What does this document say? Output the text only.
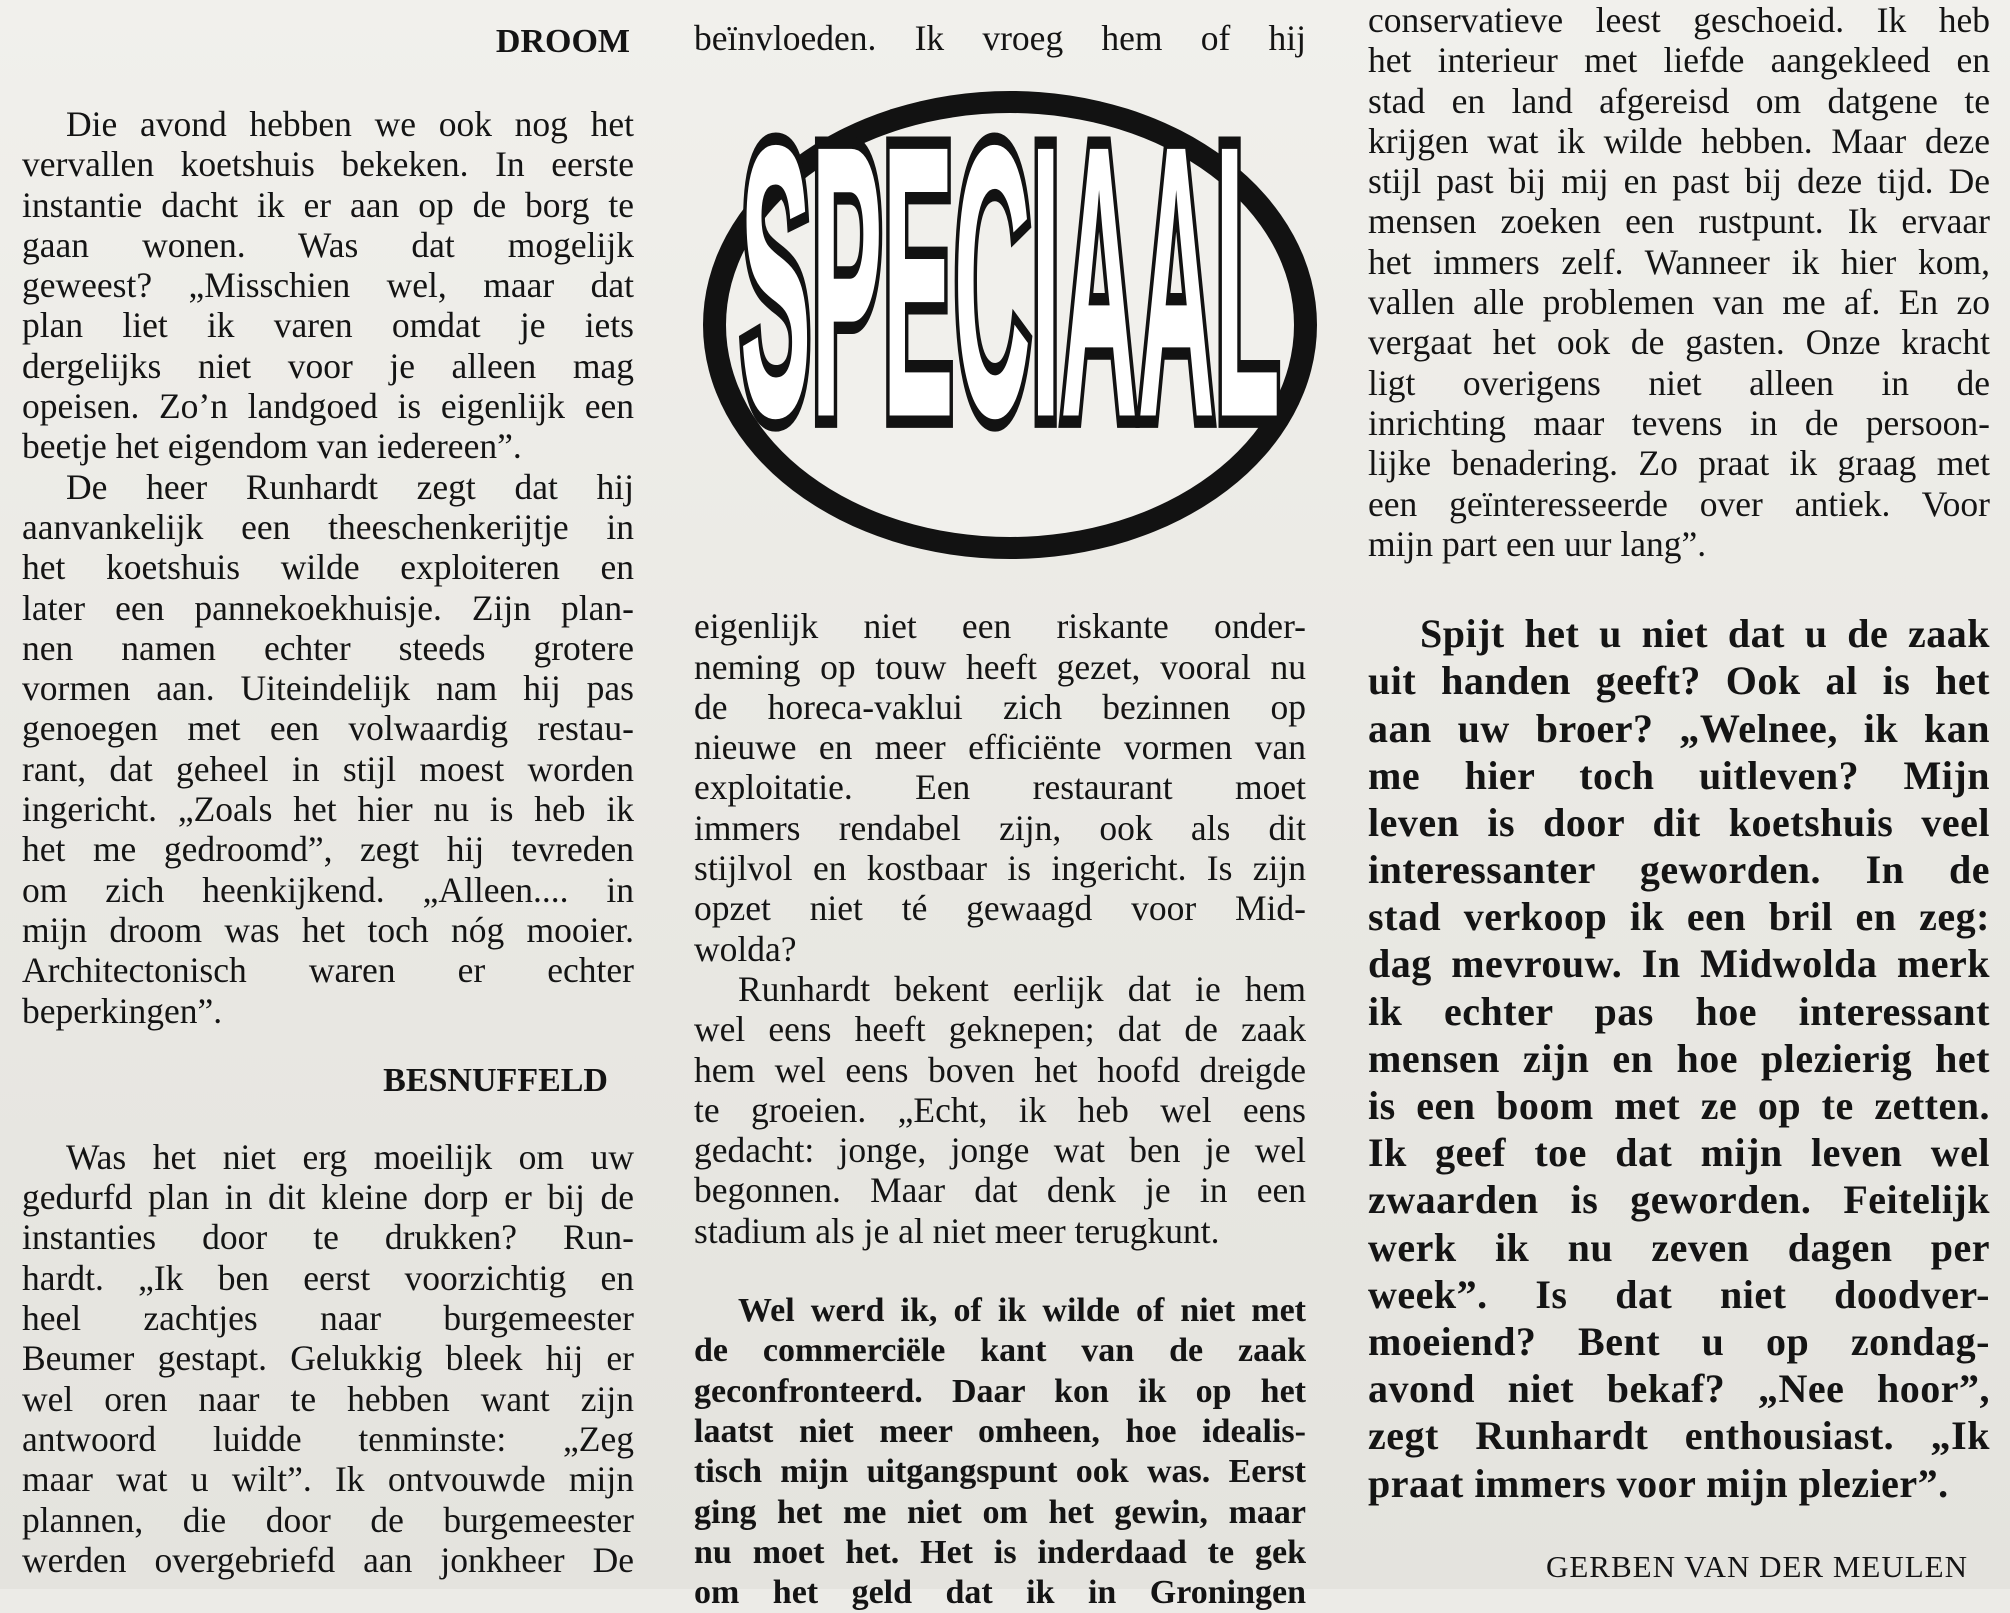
DROOM
Die avond hebben we ook nog het
vervallen koetshuis bekeken. In eerste
instantie dacht ik er aan op de borg te
gaan wonen. Was dat mogelijk
geweest? „Misschien wel, maar dat
plan liet ik varen omdat je iets
dergelijks niet voor je alleen mag
opeisen. Zo’n landgoed is eigenlijk een
beetje het eigendom van iedereen”.
De heer Runhardt zegt dat hij
aanvankelijk een theeschenkerijtje in
het koetshuis wilde exploiteren en
later een pannekoekhuisje. Zijn plan-
nen namen echter steeds grotere
vormen aan. Uiteindelijk nam hij pas
genoegen met een volwaardig restau-
rant, dat geheel in stijl moest worden
ingericht. „Zoals het hier nu is heb ik
het me gedroomd”, zegt hij tevreden
om zich heenkijkend. „Alleen.... in
mijn droom was het toch nóg mooier.
Architectonisch waren er echter
beperkingen”.
BESNUFFELD
Was het niet erg moeilijk om uw
gedurfd plan in dit kleine dorp er bij de
instanties door te drukken? Run-
hardt. „Ik ben eerst voorzichtig en
heel zachtjes naar burgemeester
Beumer gestapt. Gelukkig bleek hij er
wel oren naar te hebben want zijn
antwoord luidde tenminste: „Zeg
maar wat u wilt”. Ik ontvouwde mijn
plannen, die door de burgemeester
werden overgebriefd aan jonkheer De
beïnvloeden. Ik vroeg hem of hij
eigenlijk niet een riskante onder-
neming op touw heeft gezet, vooral nu
de horeca-vaklui zich bezinnen op
nieuwe en meer efficiënte vormen van
exploitatie. Een restaurant moet
immers rendabel zijn, ook als dit
stijlvol en kostbaar is ingericht. Is zijn
opzet niet té gewaagd voor Mid-
wolda?
Runhardt bekent eerlijk dat ie hem
wel eens heeft geknepen; dat de zaak
hem wel eens boven het hoofd dreigde
te groeien. „Echt, ik heb wel eens
gedacht: jonge, jonge wat ben je wel
begonnen. Maar dat denk je in een
stadium als je al niet meer terugkunt.
Wel werd ik, of ik wilde of niet met
de commerciële kant van de zaak
geconfronteerd. Daar kon ik op het
laatst niet meer omheen, hoe idealis-
tisch mijn uitgangspunt ook was. Eerst
ging het me niet om het gewin, maar
nu moet het. Het is inderdaad te gek
om het geld dat ik in Groningen
SPECIAAL
conservatieve leest geschoeid. Ik heb
het interieur met liefde aangekleed en
stad en land afgereisd om datgene te
krijgen wat ik wilde hebben. Maar deze
stijl past bij mij en past bij deze tijd. De
mensen zoeken een rustpunt. Ik ervaar
het immers zelf. Wanneer ik hier kom,
vallen alle problemen van me af. En zo
vergaat het ook de gasten. Onze kracht
ligt overigens niet alleen in de
inrichting maar tevens in de persoon-
lijke benadering. Zo praat ik graag met
een geïnteresseerde over antiek. Voor
mijn part een uur lang”.
Spijt het u niet dat u de zaak
uit handen geeft? Ook al is het
aan uw broer? „Welnee, ik kan
me hier toch uitleven? Mijn
leven is door dit koetshuis veel
interessanter geworden. In de
stad verkoop ik een bril en zeg:
dag mevrouw. In Midwolda merk
ik echter pas hoe interessant
mensen zijn en hoe plezierig het
is een boom met ze op te zetten.
Ik geef toe dat mijn leven wel
zwaarden is geworden. Feitelijk
werk ik nu zeven dagen per
week”. Is dat niet doodver-
moeiend? Bent u op zondag-
avond niet bekaf? „Nee hoor”,
zegt Runhardt enthousiast. „Ik
praat immers voor mijn plezier”.
GERBEN VAN DER MEULEN
